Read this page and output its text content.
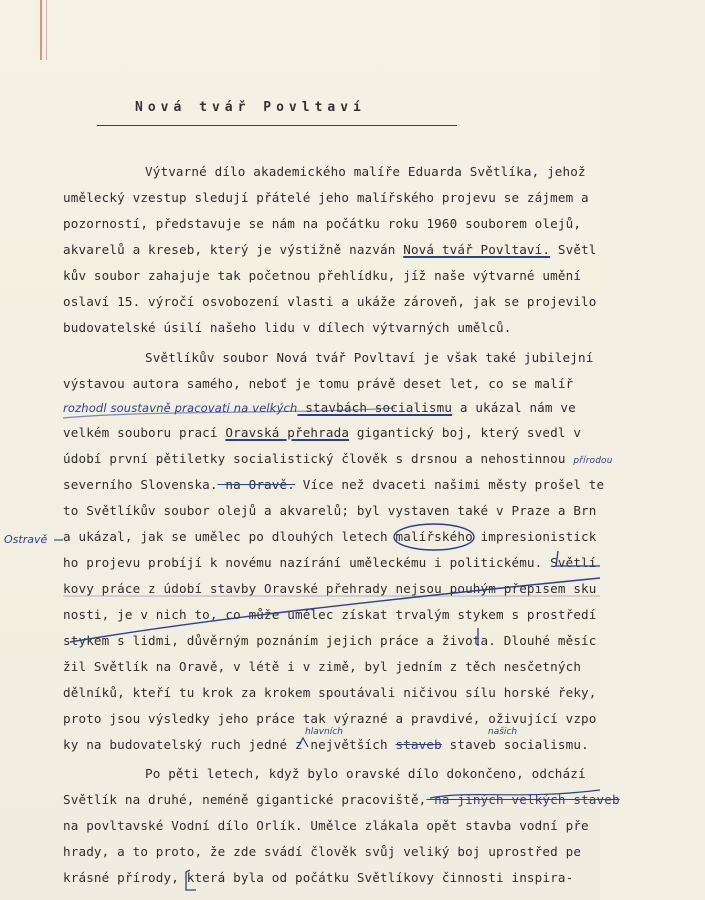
Nová tvář Povltaví
Výtvarné dílo akademického malíře Eduarda Světlíka, jehož
umělecký vzestup sledují přátelé jeho malířského projevu se zájmem a
pozorností, představuje se nám na počátku roku 1960 souborem olejů,
akvarelů a kreseb, který je výstižně nazván Nová tvář Povltaví. Světl
kův soubor zahajuje tak početnou přehlídku, jíž naše výtvarné umění
oslaví 15. výročí osvobození vlasti a ukáže zároveň, jak se projevilo
budovatelské úsilí našeho lidu v dílech výtvarných umělců.
Světlíkův soubor Nová tvář Povltaví je však také jubilejní
výstavou autora samého, neboť je tomu právě deset let, co se malíř
rozhodl soustavně pracovati na velkých stavbách socialismu a ukázal nám ve
velkém souboru prací Oravská přehrada gigantický boj, který svedl v
údobí první pětiletky socialistický člověk s drsnou a nehostinnou přírodou
severního Slovenska. na Oravě. Více než dvaceti našimi městy prošel te
to Světlíkův soubor olejů a akvarelů; byl vystaven také v Praze a Brn
Ostravě a ukázal, jak se umělec po dlouhých letech malířského impresionistick
ho projevu probíjí k novému nazírání uměleckému i politickému. Světlí
kovy práce z údobí stavby Oravské přehrady nejsou pouhým přepisem sku
nosti, je v nich to, co může umělec získat trvalým stykem s prostředí
stykem s lidmi, důvěrným poznáním jejich práce a života. Dlouhé měsíc
žil Světlík na Oravě, v létě i v zimě, byl jedním z těch nesčetných
dělníků, kteří tu krok za krokem spoutávali ničivou sílu horské řeky,
proto jsou výsledky jeho práce tak výrazné a pravdivé, oživující vzpo
ky na budovatelský ruch jedné z největších staveb staveb socialismu.
hlavních	našich
Po pěti letech, když bylo oravské dílo dokončeno, odchází
Světlík na druhé, neméně gigantické pracoviště, na jiných velkých staveb
na povltavské Vodní dílo Orlík. Umělce zlákala opět stavba vodní pře
hrady, a to proto, že zde svádí člověk svůj veliký boj uprostřed pe
krásné přírody, která byla od počátku Světlíkovy činnosti inspira-
